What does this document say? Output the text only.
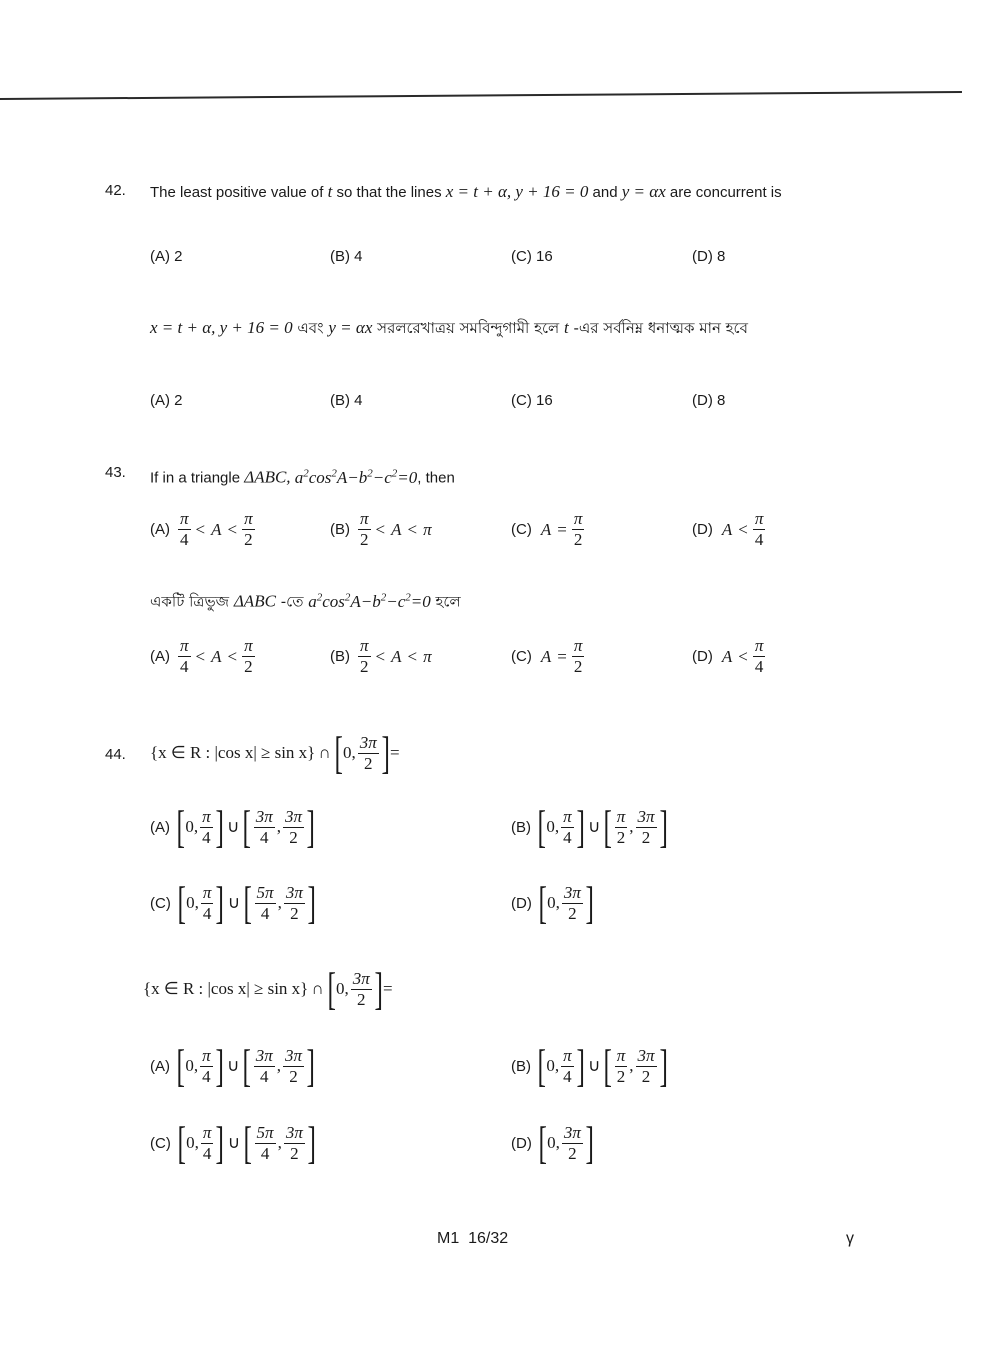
42. The least positive value of t so that the lines x = t + α, y + 16 = 0 and y = αx are concurrent is
(A)
2	(B)
4	(C)
16	(D)
8
x = t + α, y + 16 = 0 এবং y = αx সরলরেখাত্রয় সমবিন্দুগামী হলে t -এর সর্বনিম্ন ধনাত্মক মান হবে
(A)
2	(B)
4	(C)
16	(D)
8
43. If in a triangle ΔABC, $a^2\cos^2A-b^2-c^2=0$, then
$(A) \frac{\pi}{4} < A < \frac{\pi}{2}$	$(B) \frac{\pi}{2} < A < \pi$	(C) $A = \frac{\pi}{2}$	(D) $A < \frac{\pi}{4}$
একটি ত্রিভুজ ΔABC -তে $a^2\cos^2A-b^2-c^2=0$ হলে
$(A) \frac{\pi}{4} < A < \frac{\pi}{2}$	$(B) \frac{\pi}{2} < A < \pi$	(C) $A = \frac{\pi}{2}$	(D) $A < \frac{\pi}{4}$
44. {x ∈ R : |cos x| ≥ sin x} ∩ [ 0, $\frac{3\pi}{2}$ ] =
(A) [ 0, $\frac{\pi}{4}$ ] ∪ [ $\frac{3\pi}{4}$ , $\frac{3\pi}{2}$ ]	(B) [ 0, $\frac{\pi}{4}$ ] ∪ [ $\frac{\pi}{2}$ , $\frac{3\pi}{2}$ ]
(C) [ 0, $\frac{\pi}{4}$ ] ∪ [ $\frac{5\pi}{4}$ , $\frac{3\pi}{2}$ ]	(D) [ 0, $\frac{3\pi}{2}$ ]
{x ∈ R : |cos x| ≥ sin x} ∩ [ 0, $\frac{3\pi}{2}$ ] =
(A) [ 0, $\frac{\pi}{4}$ ] ∪ [ $\frac{3\pi}{4}$ , $\frac{3\pi}{2}$ ]	(B) [ 0, $\frac{\pi}{4}$ ] ∪ [ $\frac{\pi}{2}$ , $\frac{3\pi}{2}$ ]
(C) [ 0, $\frac{\pi}{4}$ ] ∪ [ $\frac{5\pi}{4}$ , $\frac{3\pi}{2}$ ]	(D) [ 0, $\frac{3\pi}{2}$ ]
M1 16/32	γ
